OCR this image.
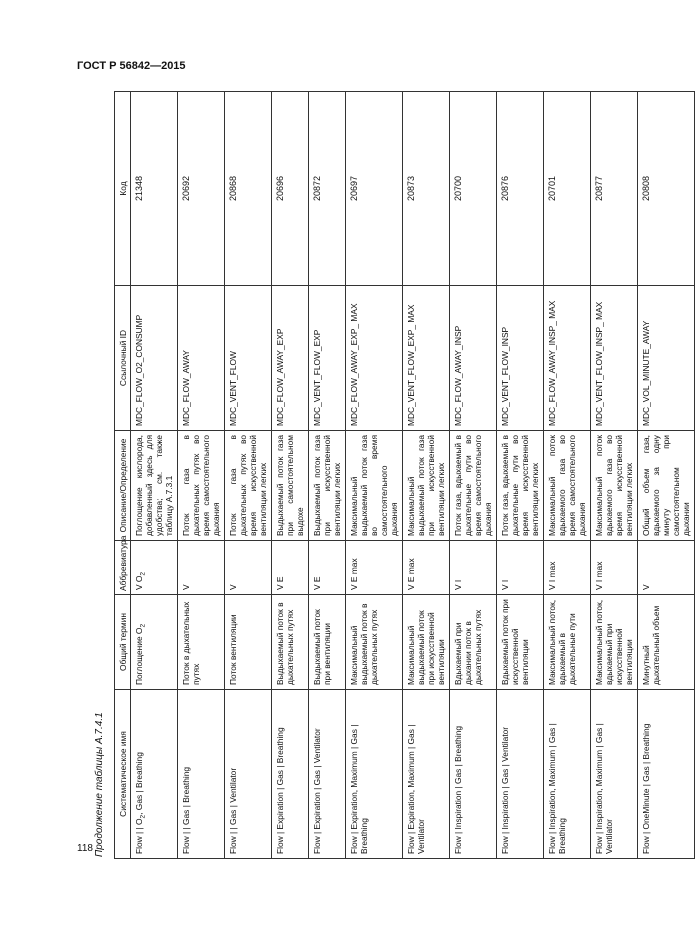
ГОСТ Р 56842—2015
Продолжение таблицы А.7.4.1 Систематическое имя	Общий термин	Аббревиатура	Описание/Определение	Ссылочный ID	Код
Flow | | $O_2$, Gas | Breathing	Поглощение $O_2$	V $O_2$	Поглощение кислорода, добавленный здесь для удобства; см. также таблицу А.7.3.1	MDC_FLOW_O2_CONSUMP	21348
Flow | | Gas | Breathing	Поток в дыхательных путях	V	Поток газа в дыхательных путях во время самостоятельного дыхания	MDC_FLOW_AWAY	20692
Flow | | Gas | Ventilator	Поток вентиляции	V	Поток газа в дыхательных путях во время искусственной вентиляции легких	MDC_VENT_FLOW	20868
Flow | Expiration | Gas | Breathing	Выдыхаемый поток в дыхательных путях	V E	Выдыхаемый поток газа при самостоятельном выдохе	MDC_FLOW_AWAY_EXP	20696
Flow | Expiration | Gas | Ventilator	Выдыхаемый поток при вентиляции	V E	Выдыхаемый поток газа при искусственной вентиляции легких	MDC_VENT_FLOW_EXP	20872
Flow | Expiration, Maximum | Gas | Breathing	Максимальный выдыхаемый поток в дыхательных путях	V E max	Максимальный выдыхаемый поток газа во время самостоятельного дыхания	MDC_FLOW_AWAY_EXP_ MAX	20697
Flow | Expiration, Maximum | Gas | Ventilator	Максимальный выдыхаемый поток при искусственной вентиляции	V E max	Максимальный выдыхаемый поток газа при искусственной вентиляции легких	MDC_VENT_FLOW_EXP_ MAX	20873
Flow | Inspiration | Gas | Breathing	Вдыхаемый при дыхании поток в дыхательных путях	V I	Поток газа, вдыхаемый в дыхательные пути во время самостоятельного дыхания	MDC_FLOW_AWAY_INSP	20700
Flow | Inspiration | Gas | Ventilator	Вдыхаемый поток при искусственной вентиляции	V I	Поток газа, вдыхаемый в дыхательные пути во время искусственной вентиляции легких	MDC_VENT_FLOW_INSP	20876
Flow | Inspiration, Maximum | Gas | Breathing	Максимальный поток, вдыхаемый в дыхательные пути	V I max	Максимальный поток вдыхаемого газа во время самостоятельного дыхания	MDC_FLOW_AWAY_INSP_ MAX	20701
Flow | Inspiration, Maximum | Gas | Ventilator	Максимальный поток, вдыхаемый при искусственной вентиляции	V I max	Максимальный поток вдыхаемого газа во время искусственной вентиляции легких	MDC_VENT_FLOW_INSP_ MAX	20877
Flow | OneMinute | Gas | Breathing	Минутный дыхательный объем	V	Общий объем газа, вдыхаемого за одну минуту при самостоятельном дыхании	MDC_VOL_MINUTE_AWAY	20808
118
